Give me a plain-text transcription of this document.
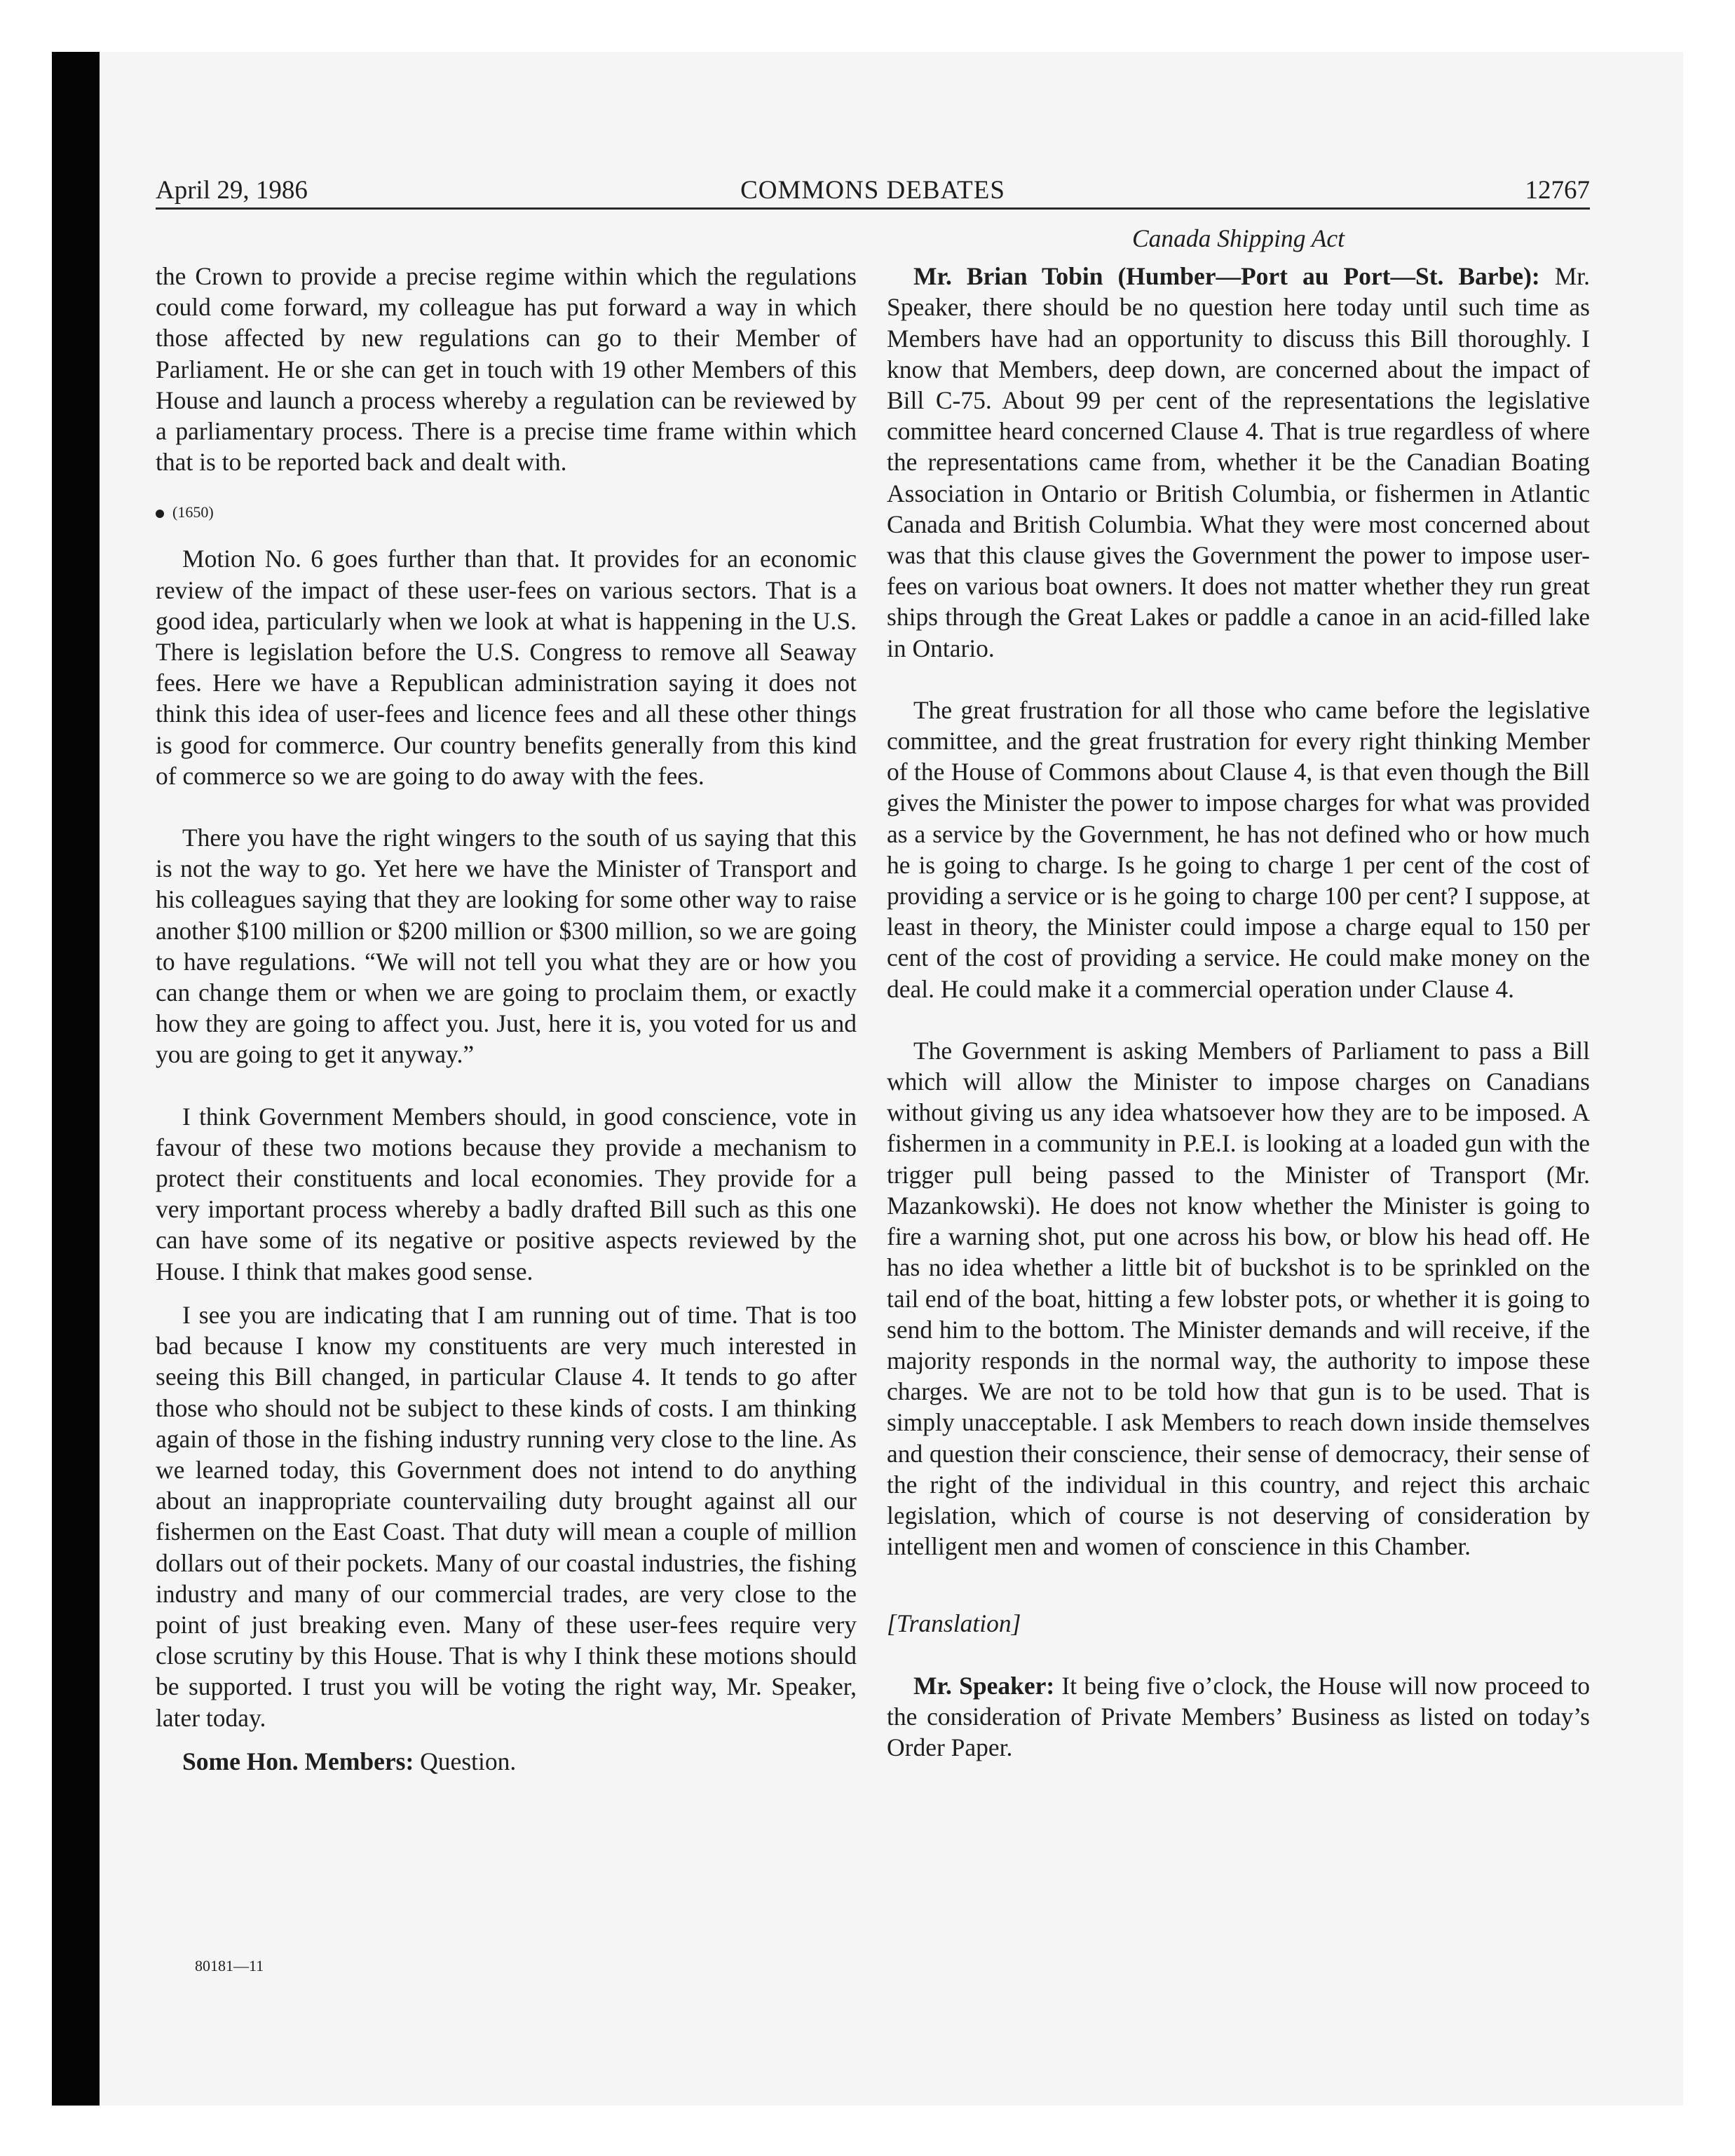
April 29, 1986	COMMONS DEBATES	12767

the Crown to provide a precise regime within which the regulations could come forward, my colleague has put forward a way in which those affected by new regulations can go to their Member of Parliament. He or she can get in touch with 19 other Members of this House and launch a process whereby a regulation can be reviewed by a parliamentary process. There is a precise time frame within which that is to be reported back and dealt with.

(1650)

Motion No. 6 goes further than that. It provides for an economic review of the impact of these user-fees on various sectors. That is a good idea, particularly when we look at what is happening in the U.S. There is legislation before the U.S. Congress to remove all Seaway fees. Here we have a Republican administration saying it does not think this idea of user-fees and licence fees and all these other things is good for commerce. Our country benefits generally from this kind of commerce so we are going to do away with the fees.

There you have the right wingers to the south of us saying that this is not the way to go. Yet here we have the Minister of Transport and his colleagues saying that they are looking for some other way to raise another $100 million or $200 million or $300 million, so we are going to have regulations. “We will not tell you what they are or how you can change them or when we are going to proclaim them, or exactly how they are going to affect you. Just, here it is, you voted for us and you are going to get it anyway.”

I think Government Members should, in good conscience, vote in favour of these two motions because they provide a mechanism to protect their constituents and local economies. They provide for a very important process whereby a badly drafted Bill such as this one can have some of its negative or positive aspects reviewed by the House. I think that makes good sense.

I see you are indicating that I am running out of time. That is too bad because I know my constituents are very much interested in seeing this Bill changed, in particular Clause 4. It tends to go after those who should not be subject to these kinds of costs. I am thinking again of those in the fishing industry running very close to the line. As we learned today, this Government does not intend to do anything about an inappropriate countervailing duty brought against all our fishermen on the East Coast. That duty will mean a couple of million dollars out of their pockets. Many of our coastal industries, the fishing industry and many of our commercial trades, are very close to the point of just breaking even. Many of these user-fees require very close scrutiny by this House. That is why I think these motions should be supported. I trust you will be voting the right way, Mr. Speaker, later today.

Some Hon. Members: Question.

Canada Shipping Act

Mr. Brian Tobin (Humber—Port au Port—St. Barbe): Mr. Speaker, there should be no question here today until such time as Members have had an opportunity to discuss this Bill thoroughly. I know that Members, deep down, are concerned about the impact of Bill C-75. About 99 per cent of the representations the legislative committee heard concerned Clause 4. That is true regardless of where the representations came from, whether it be the Canadian Boating Association in Ontario or British Columbia, or fishermen in Atlantic Canada and British Columbia. What they were most concerned about was that this clause gives the Government the power to impose user-fees on various boat owners. It does not matter whether they run great ships through the Great Lakes or paddle a canoe in an acid-filled lake in Ontario.

The great frustration for all those who came before the legislative committee, and the great frustration for every right thinking Member of the House of Commons about Clause 4, is that even though the Bill gives the Minister the power to impose charges for what was provided as a service by the Government, he has not defined who or how much he is going to charge. Is he going to charge 1 per cent of the cost of providing a service or is he going to charge 100 per cent? I suppose, at least in theory, the Minister could impose a charge equal to 150 per cent of the cost of providing a service. He could make money on the deal. He could make it a commercial operation under Clause 4.

The Government is asking Members of Parliament to pass a Bill which will allow the Minister to impose charges on Canadians without giving us any idea whatsoever how they are to be imposed. A fishermen in a community in P.E.I. is looking at a loaded gun with the trigger pull being passed to the Minister of Transport (Mr. Mazankowski). He does not know whether the Minister is going to fire a warning shot, put one across his bow, or blow his head off. He has no idea whether a little bit of buckshot is to be sprinkled on the tail end of the boat, hitting a few lobster pots, or whether it is going to send him to the bottom. The Minister demands and will receive, if the majority responds in the normal way, the authority to impose these charges. We are not to be told how that gun is to be used. That is simply unacceptable. I ask Members to reach down inside themselves and question their conscience, their sense of democracy, their sense of the right of the individual in this country, and reject this archaic legislation, which of course is not deserving of consideration by intelligent men and women of conscience in this Chamber.

[Translation]

Mr. Speaker: It being five o’clock, the House will now proceed to the consideration of Private Members’ Business as listed on today’s Order Paper.

80181—11
